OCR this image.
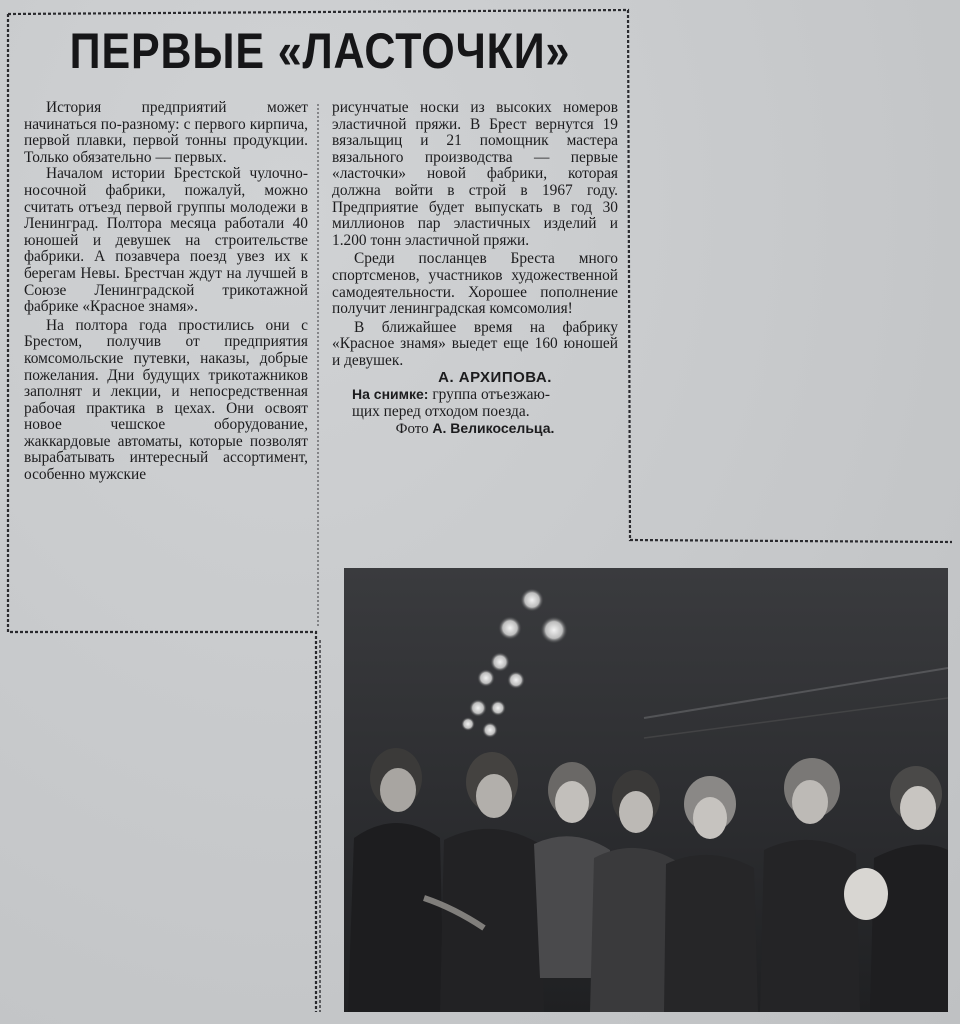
ПЕРВЫЕ «ЛАСТОЧКИ»

История предприятий может начинаться по-разному: с первого кирпича, первой плавки, первой тонны продукции. Только обязательно — первых.

Началом истории Брестской чулочно-носочной фабрики, пожалуй, можно считать отъезд первой группы молодежи в Ленинград. Полтора месяца работали 40 юношей и девушек на строительстве фабрики. А позавчера поезд увез их к берегам Невы. Брестчан ждут на лучшей в Союзе Ленинградской трикотажной фабрике «Красное знамя».

На полтора года простились они с Брестом, получив от предприятия комсомольские путевки, наказы, добрые пожелания. Дни будущих трикотажников заполнят и лекции, и непосредственная рабочая практика в цехах. Они освоят новое чешское оборудование, жаккардовые автоматы, которые позволят вырабатывать интересный ассортимент, особенно мужские

рисунчатые носки из высоких номеров эластичной пряжи. В Брест вернутся 19 вязальщиц и 21 помощник мастера вязального производства — первые «ласточки» новой фабрики, которая должна войти в строй в 1967 году. Предприятие будет выпускать в год 30 миллионов пар эластичных изделий и 1.200 тонн эластичной пряжи.

Среди посланцев Бреста много спортсменов, участников художественной самодеятельности. Хорошее пополнение получит ленинградская комсомолия!

В ближайшее время на фабрику «Красное знамя» выедет еще 160 юношей и девушек.

А. АРХИПОВА.

На снимке: группа отъезжаю-
щих перед отходом поезда.

Фото А. Великосельца.
